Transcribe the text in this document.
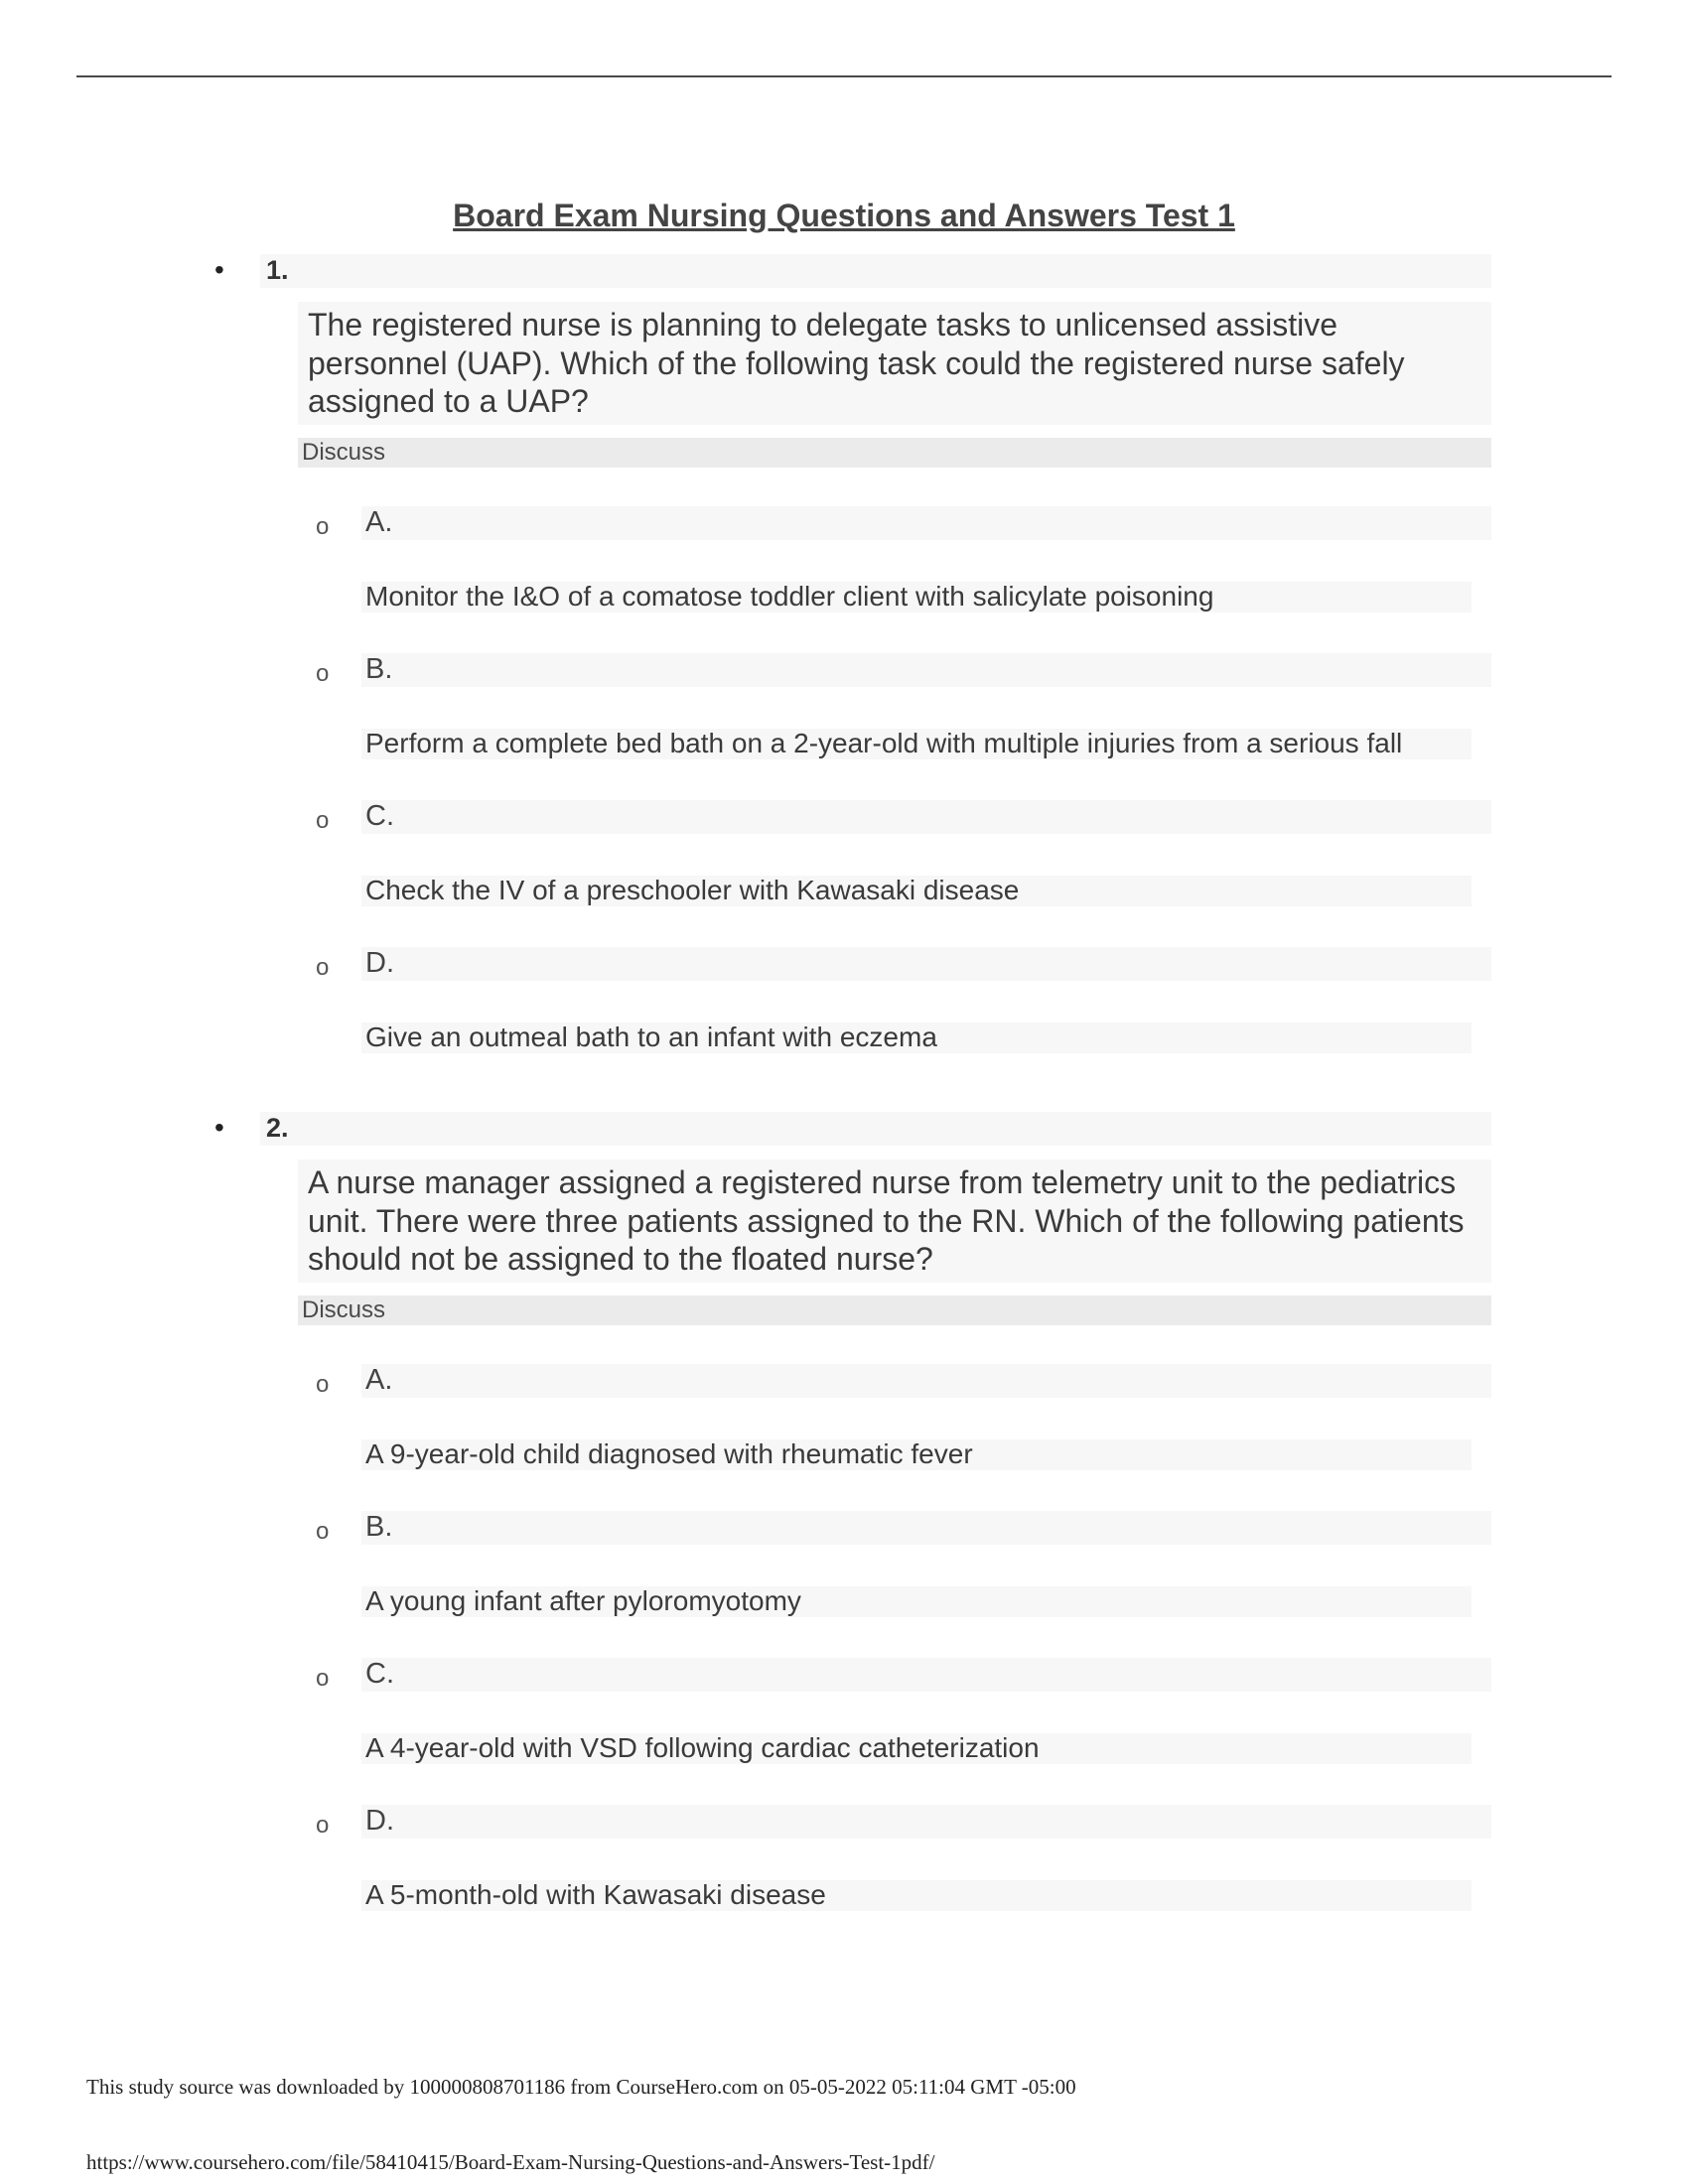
Board Exam Nursing Questions and Answers Test 1
• 1.
The registered nurse is planning to delegate tasks to unlicensed assistive personnel (UAP). Which of the following task could the registered nurse safely assigned to a UAP?
Discuss
o A.
Monitor the I&O of a comatose toddler client with salicylate poisoning
o B.
Perform a complete bed bath on a 2-year-old with multiple injuries from a serious fall
o C.
Check the IV of a preschooler with Kawasaki disease
o D.
Give an outmeal bath to an infant with eczema
• 2.
A nurse manager assigned a registered nurse from telemetry unit to the pediatrics unit. There were three patients assigned to the RN. Which of the following patients should not be assigned to the floated nurse?
Discuss
o A.
A 9-year-old child diagnosed with rheumatic fever
o B.
A young infant after pyloromyotomy
o C.
A 4-year-old with VSD following cardiac catheterization
o D.
A 5-month-old with Kawasaki disease
This study source was downloaded by 100000808701186 from CourseHero.com on 05-05-2022 05:11:04 GMT -05:00
https://www.coursehero.com/file/58410415/Board-Exam-Nursing-Questions-and-Answers-Test-1pdf/
